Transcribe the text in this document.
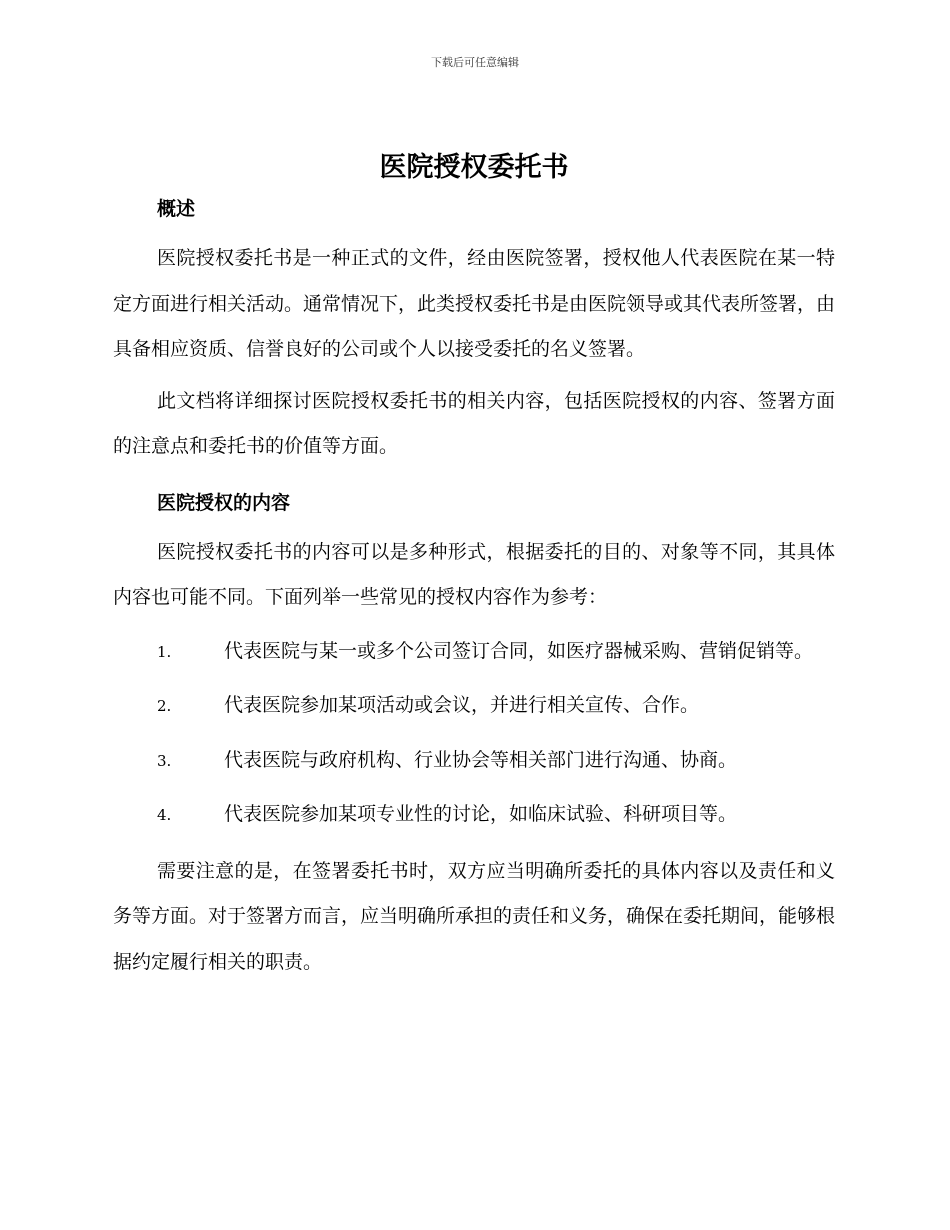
下载后可任意编辑
医院授权委托书
概述

医院授权委托书是一种正式的文件，经由医院签署，授权他人代表医院在某一特定方面进行相关活动。通常情况下，此类授权委托书是由医院领导或其代表所签署，由具备相应资质、信誉良好的公司或个人以接受委托的名义签署。

此文档将详细探讨医院授权委托书的相关内容，包括医院授权的内容、签署方面的注意点和委托书的价值等方面。

医院授权的内容

医院授权委托书的内容可以是多种形式，根据委托的目的、对象等不同，其具体内容也可能不同。下面列举一些常见的授权内容作为参考：

1.	代表医院与某一或多个公司签订合同，如医疗器械采购、营销促销等。

2.	代表医院参加某项活动或会议，并进行相关宣传、合作。

3.	代表医院与政府机构、行业协会等相关部门进行沟通、协商。

4.	代表医院参加某项专业性的讨论，如临床试验、科研项目等。

需要注意的是，在签署委托书时，双方应当明确所委托的具体内容以及责任和义务等方面。对于签署方而言，应当明确所承担的责任和义务，确保在委托期间，能够根据约定履行相关的职责。
